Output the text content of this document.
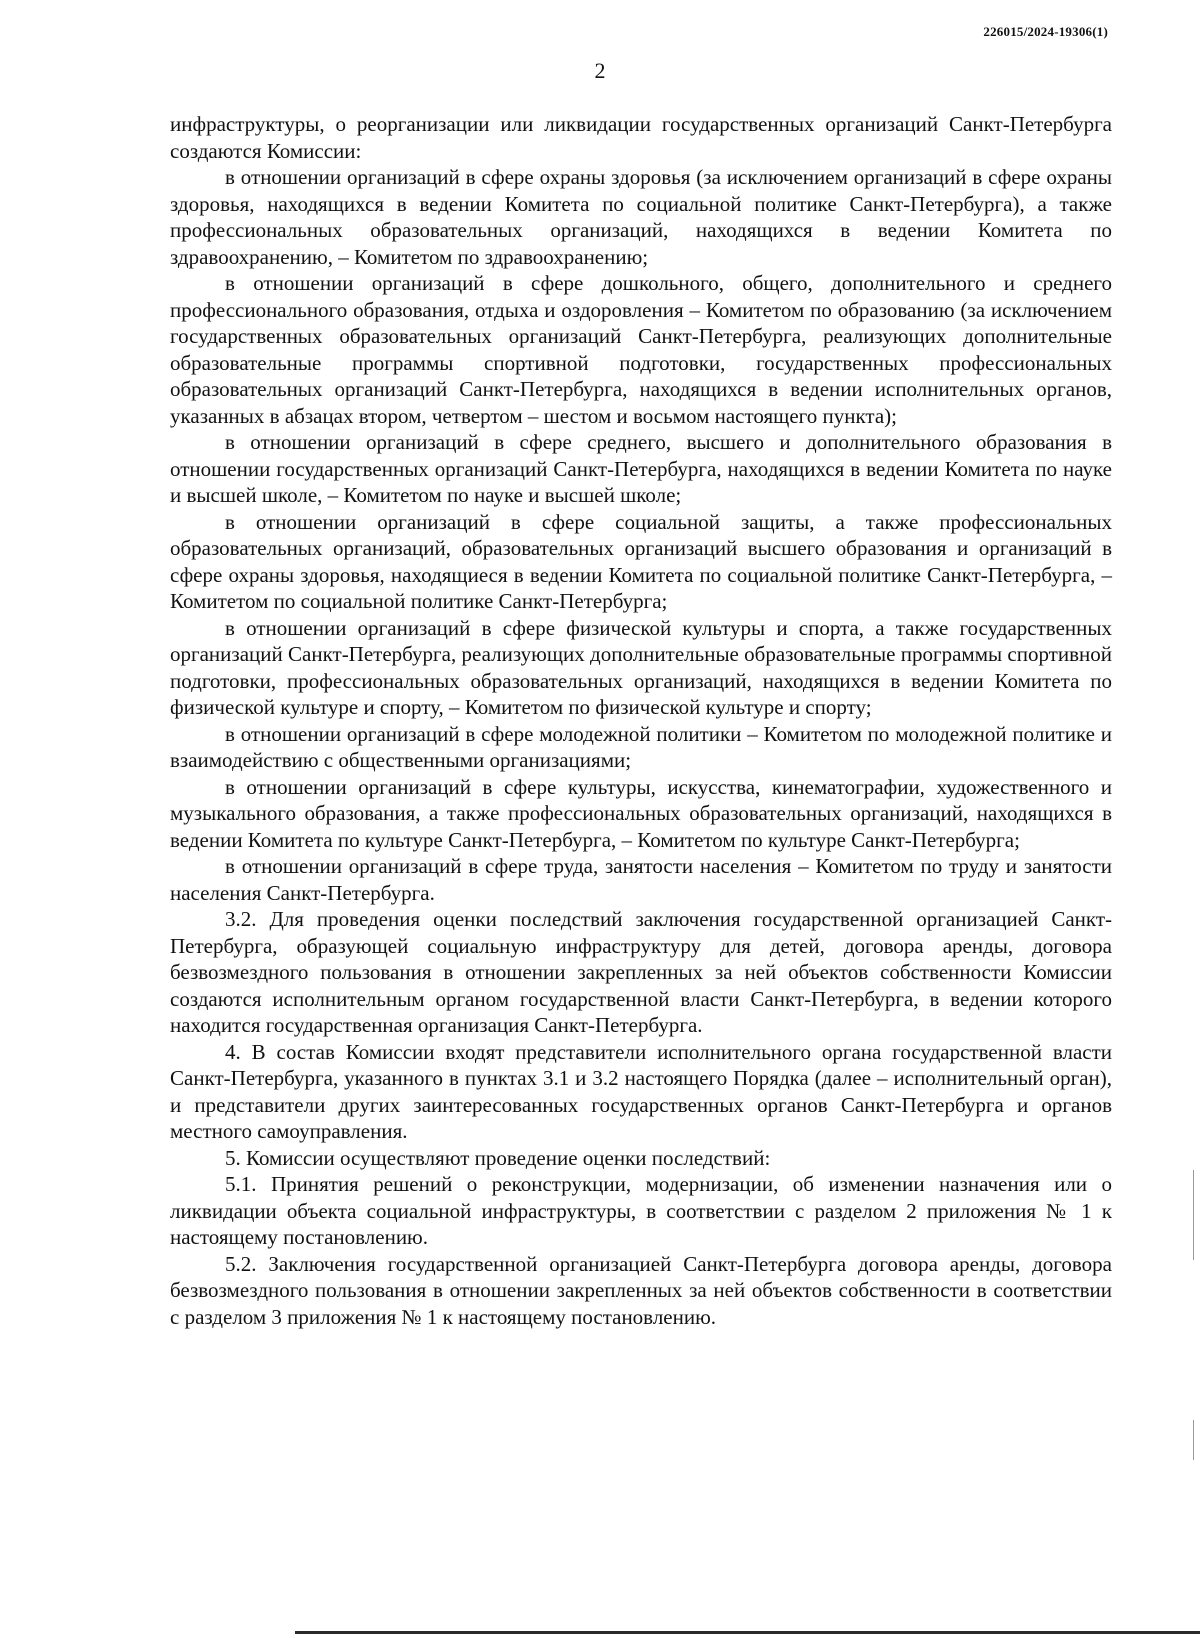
226015/2024-19306(1)
2

инфраструктуры, о реорганизации или ликвидации государственных организаций Санкт-Петербурга создаются Комиссии:

в отношении организаций в сфере охраны здоровья (за исключением организаций в сфере охраны здоровья, находящихся в ведении Комитета по социальной политике Санкт-Петербурга), а также профессиональных образовательных организаций, находящихся в ведении Комитета по здравоохранению, – Комитетом по здравоохранению;

в отношении организаций в сфере дошкольного, общего, дополнительного и среднего профессионального образования, отдыха и оздоровления – Комитетом по образованию (за исключением государственных образовательных организаций Санкт-Петербурга, реализующих дополнительные образовательные программы спортивной подготовки, государственных профессиональных образовательных организаций Санкт-Петербурга, находящихся в ведении исполнительных органов, указанных в абзацах втором, четвертом – шестом и восьмом настоящего пункта);

в отношении организаций в сфере среднего, высшего и дополнительного образования в отношении государственных организаций Санкт-Петербурга, находящихся в ведении Комитета по науке и высшей школе, – Комитетом по науке и высшей школе;

в отношении организаций в сфере социальной защиты, а также профессиональных образовательных организаций, образовательных организаций высшего образования и организаций в сфере охраны здоровья, находящиеся в ведении Комитета по социальной политике Санкт-Петербурга, – Комитетом по социальной политике Санкт-Петербурга;

в отношении организаций в сфере физической культуры и спорта, а также государственных организаций Санкт-Петербурга, реализующих дополнительные образовательные программы спортивной подготовки, профессиональных образовательных организаций, находящихся в ведении Комитета по физической культуре и спорту, – Комитетом по физической культуре и спорту;

в отношении организаций в сфере молодежной политики – Комитетом по молодежной политике и взаимодействию с общественными организациями;

в отношении организаций в сфере культуры, искусства, кинематографии, художественного и музыкального образования, а также профессиональных образовательных организаций, находящихся в ведении Комитета по культуре Санкт-Петербурга, – Комитетом по культуре Санкт-Петербурга;

в отношении организаций в сфере труда, занятости населения – Комитетом по труду и занятости населения Санкт-Петербурга.

3.2. Для проведения оценки последствий заключения государственной организацией Санкт-Петербурга, образующей социальную инфраструктуру для детей, договора аренды, договора безвозмездного пользования в отношении закрепленных за ней объектов собственности Комиссии создаются исполнительным органом государственной власти Санкт-Петербурга, в ведении которого находится государственная организация Санкт-Петербурга.

4. В состав Комиссии входят представители исполнительного органа государственной власти Санкт-Петербурга, указанного в пунктах 3.1 и 3.2 настоящего Порядка (далее – исполнительный орган), и представители других заинтересованных государственных органов Санкт-Петербурга и органов местного самоуправления.

5. Комиссии осуществляют проведение оценки последствий:

5.1. Принятия решений о реконструкции, модернизации, об изменении назначения или о ликвидации объекта социальной инфраструктуры, в соответствии с разделом 2 приложения № 1 к настоящему постановлению.

5.2. Заключения государственной организацией Санкт-Петербурга договора аренды, договора безвозмездного пользования в отношении закрепленных за ней объектов собственности в соответствии с разделом 3 приложения № 1 к настоящему постановлению.
